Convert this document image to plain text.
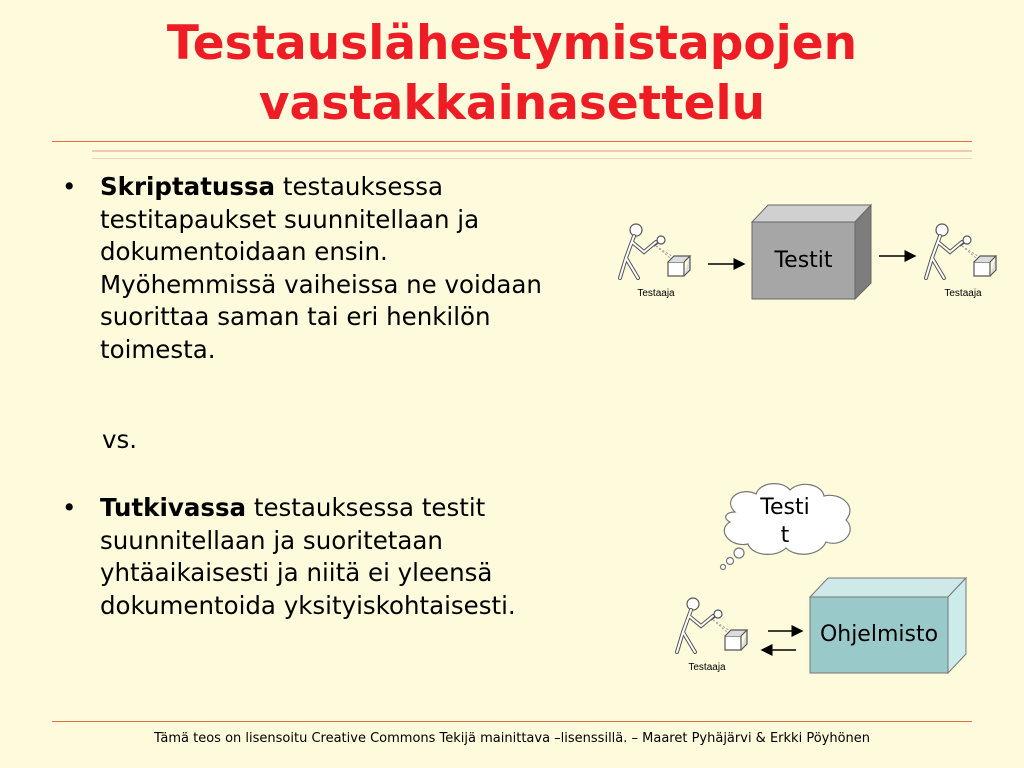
Testauslähestymistapojen
vastakkainasettelu

• Skriptatussa testauksessa testitapaukset suunnitellaan ja dokumentoidaan ensin. Myöhemmissä vaiheissa ne voidaan suorittaa saman tai eri henkilön toimesta.

vs.

• Tutkivassa testauksessa testit suunnitellaan ja suoritetaan yhtäaikaisesti ja niitä ei yleensä dokumentoida yksityiskohtaisesti.

Testaaja	Testaaja
Testaaja
Testit
Testi
t
Ohjelmisto
Tämä teos on lisensoitu Creative Commons Tekijä mainittava –lisenssillä. – Maaret Pyhäjärvi & Erkki Pöyhönen
